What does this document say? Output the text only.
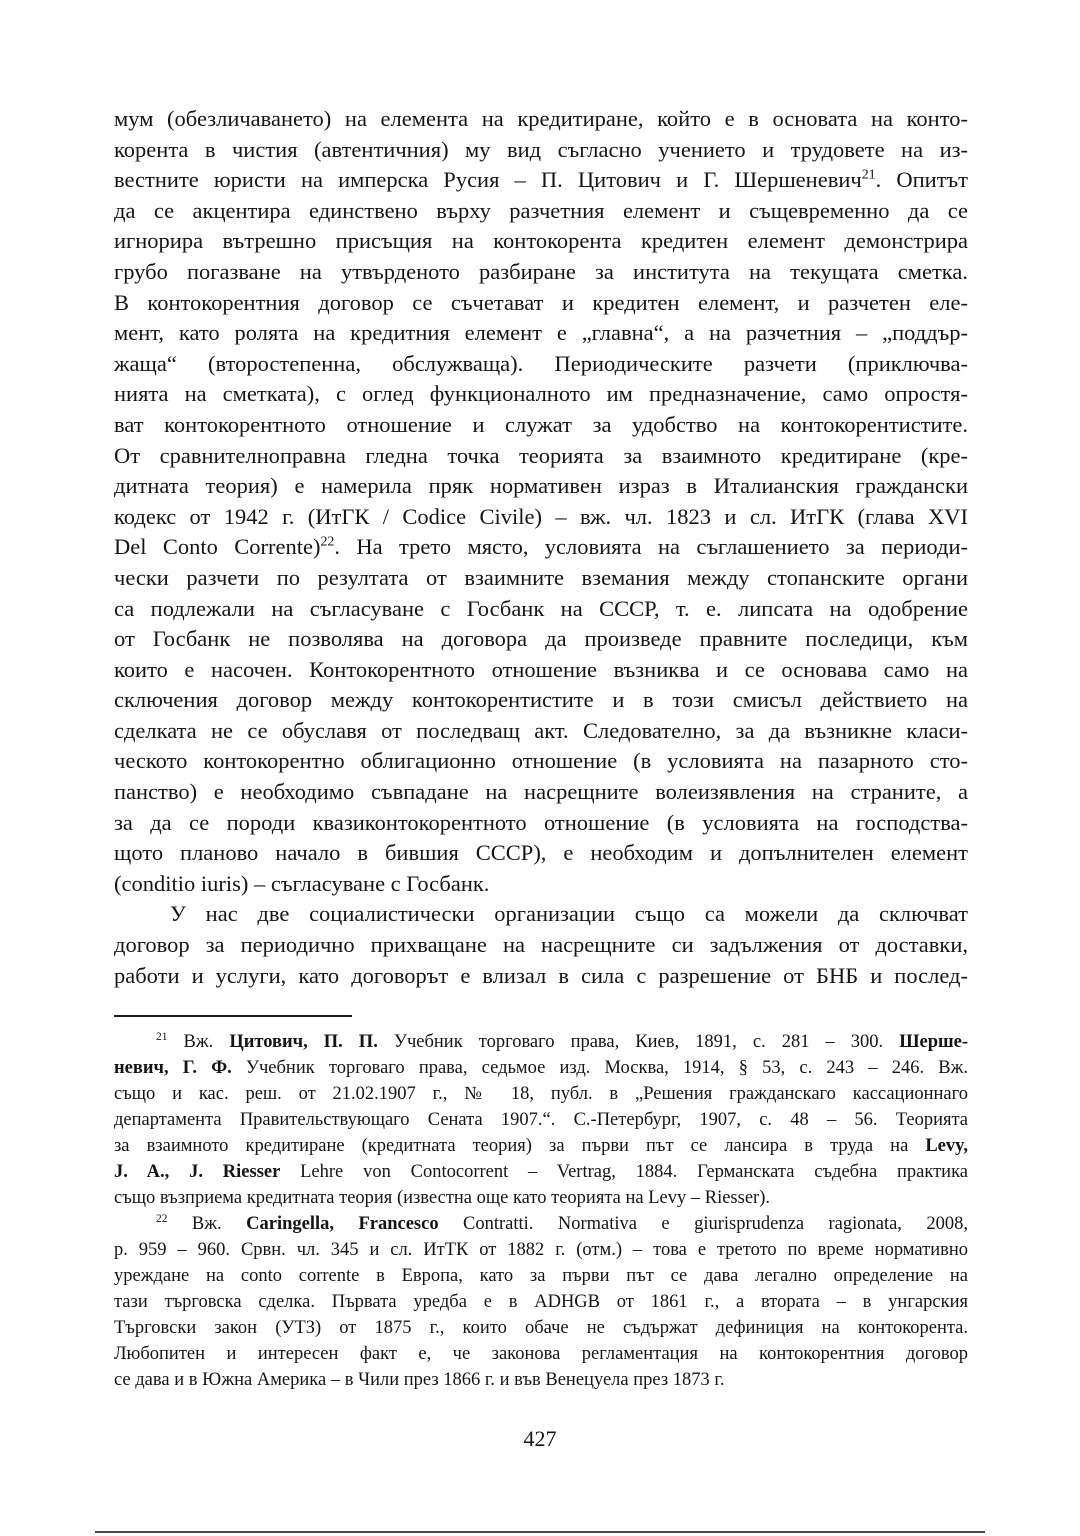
мум (обезличаването) на елемента на кредитиране, който е в основата на конто-
корента в чистия (автентичния) му вид съгласно учението и трудовете на из-
вестните юристи на имперска Русия – П. Цитович и Г. Шершеневич$^{21}$. Опитът
да се акцентира единствено върху разчетния елемент и същевременно да се
игнорира вътрешно присъщия на контокорента кредитен елемент демонстрира
грубо погазване на утвърденото разбиране за института на текущата сметка.
В контокорентния договор се съчетават и кредитен елемент, и разчетен еле-
мент, като ролята на кредитния елемент е „главна“, а на разчетния – „поддър-
жаща“ (второстепенна, обслужваща). Периодическите разчети (приключва-
нията на сметката), с оглед функционалното им предназначение, само опростя-
ват контокорентното отношение и служат за удобство на контокорентистите.
От сравнителноправна гледна точка теорията за взаимното кредитиране (кре-
дитната теория) е намерила пряк нормативен израз в Италианския граждански
кодекс от 1942 г. (ИтГК / Codice Civile) – вж. чл. 1823 и сл. ИтГК (глава XVI
Del Conto Corrente)$^{22}$. На трето място, условията на съглашението за периоди-
чески разчети по резултата от взаимните вземания между стопанските органи
са подлежали на съгласуване с Госбанк на СССР, т. е. липсата на одобрение
от Госбанк не позволява на договора да произведе правните последици, към
които е насочен. Контокорентното отношение възниква и се основава само на
сключения договор между контокорентистите и в този смисъл действието на
сделката не се обуславя от последващ акт. Следователно, за да възникне класи-
ческото контокорентно облигационно отношение (в условията на пазарното сто-
панство) е необходимо съвпадане на насрещните волеизявления на страните, а
за да се породи квазиконтокорентното отношение (в условията на господства-
щото планово начало в бившия СССР), е необходим и допълнителен елемент
(conditio iuris) – съгласуване с Госбанк.
У нас две социалистически организации също са можели да сключват
договор за периодично прихващане на насрещните си задължения от доставки,
работи и услуги, като договорът е влизал в сила с разрешение от БНБ и послед-
$^{21}$ Вж. Цитович, П. П. Учебник торговаго права, Киев, 1891, с. 281 – 300. Шерше-
невич, Г. Ф. Учебник торговаго права, седьмое изд. Москва, 1914, § 53, с. 243 – 246. Вж.
също и кас. реш. от 21.02.1907 г., № 18, публ. в „Решения гражданскаго кассационнаго
департамента Правительствующаго Сената 1907.“. С.-Петербург, 1907, с. 48 – 56. Теорията
за взаимното кредитиране (кредитната теория) за първи път се лансира в труда на Levy,
J. A., J. Riesser Lehre von Contocorrent – Vertrag, 1884. Германската съдебна практика
също възприема кредитната теория (известна още като теорията на Levy – Riesser).
$^{22}$ Вж. Caringella, Francesco Contratti. Normativa e giurisprudenza ragionata, 2008,
p. 959 – 960. Срвн. чл. 345 и сл. ИтТК от 1882 г. (отм.) – това е третото по време нормативно
уреждане на conto corrente в Европа, като за първи път се дава легално определение на
тази търговска сделка. Първата уредба е в ADHGB от 1861 г., а втората – в унгарския
Търговски закон (УТЗ) от 1875 г., които обаче не съдържат дефиниция на контокорента.
Любопитен и интересен факт е, че законова регламентация на контокорентния договор
се дава и в Южна Америка – в Чили през 1866 г. и във Венецуела през 1873 г.
427
